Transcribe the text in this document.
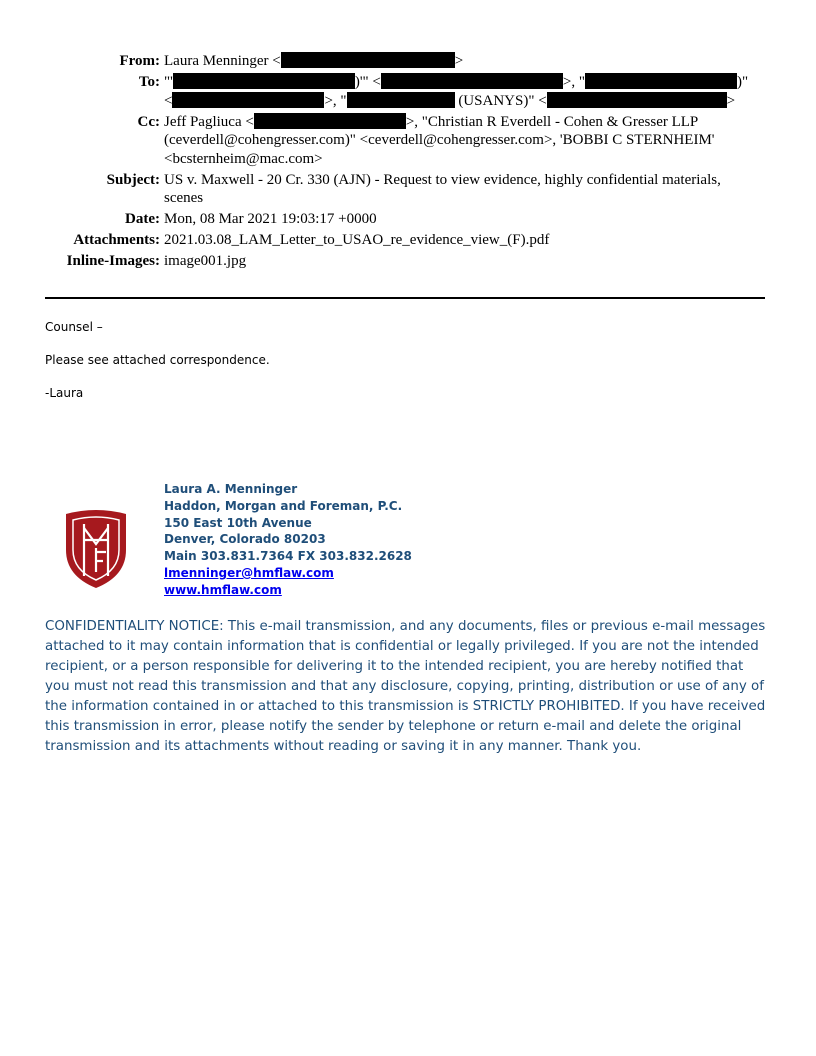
From: Laura Menninger <	>
To: "'	)'" <	>, "	)"
<	>, "	(USANYS)" <	>
Cc: Jeff Pagliuca <	>, "Christian R Everdell - Cohen & Gresser LLP (ceverdell@cohengresser.com)" <ceverdell@cohengresser.com>, 'BOBBI C STERNHEIM' <bcsternheim@mac.com>
Subject: US v. Maxwell - 20 Cr. 330 (AJN) - Request to view evidence, highly confidential materials, scenes
Date: Mon, 08 Mar 2021 19:03:17 +0000
Attachments: 2021.03.08_LAM_Letter_to_USAO_re_evidence_view_(F).pdf
Inline-Images: image001.jpg

Counsel –

Please see attached correspondence.

-Laura

Laura A. Menninger
Haddon, Morgan and Foreman, P.C.
150 East 10th Avenue
Denver, Colorado 80203
Main 303.831.7364 FX 303.832.2628
lmenninger@hmflaw.com
www.hmflaw.com
CONFIDENTIALITY NOTICE: This e-mail transmission, and any documents, files or previous e-mail messages attached to it may contain information that is confidential or legally privileged. If you are not the intended recipient, or a person responsible for delivering it to the intended recipient, you are hereby notified that you must not read this transmission and that any disclosure, copying, printing, distribution or use of any of the information contained in or attached to this transmission is STRICTLY PROHIBITED. If you have received this transmission in error, please notify the sender by telephone or return e-mail and delete the original transmission and its attachments without reading or saving it in any manner. Thank you.
